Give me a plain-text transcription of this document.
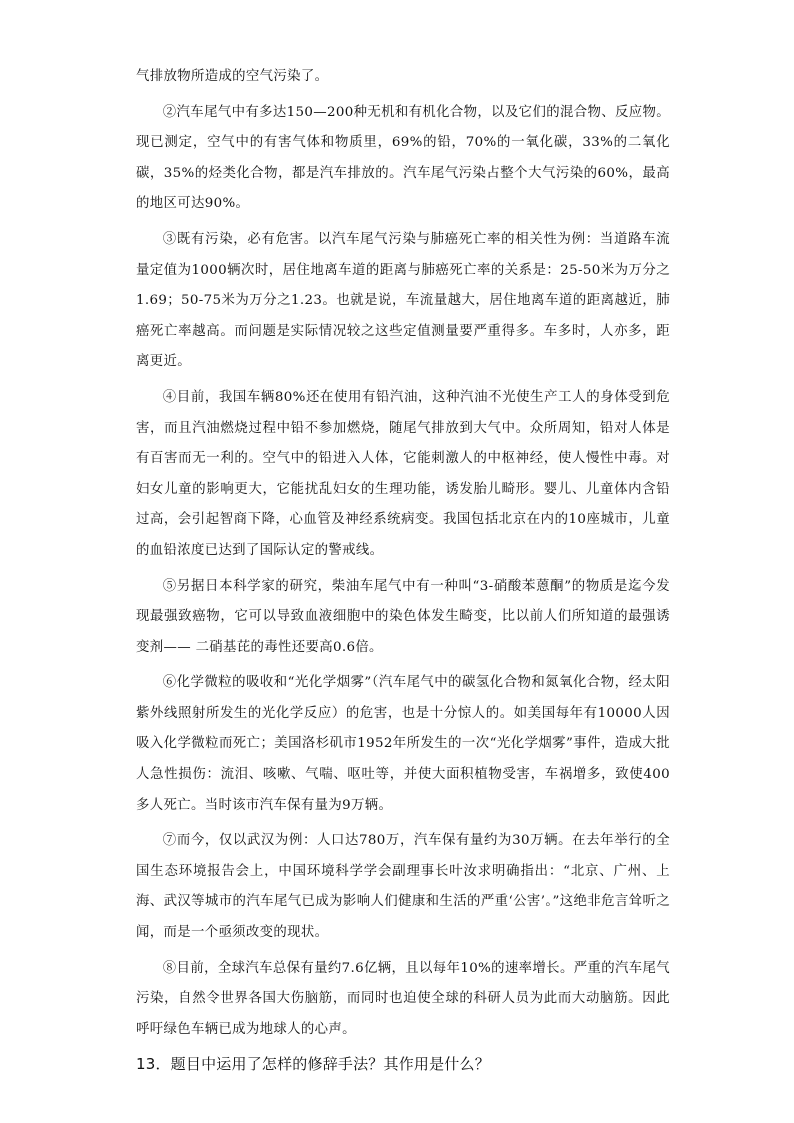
气排放物所造成的空气污染了。

②汽车尾气中有多达150—200种无机和有机化合物，以及它们的混合物、反应物。现已测定，空气中的有害气体和物质里，69%的铅，70%的一氧化碳，33%的二氧化碳，35%的烃类化合物，都是汽车排放的。汽车尾气污染占整个大气污染的60%，最高的地区可达90%。

③既有污染，必有危害。以汽车尾气污染与肺癌死亡率的相关性为例：当道路车流量定值为1000辆次时，居住地离车道的距离与肺癌死亡率的关系是：25-50米为万分之1.69；50-75米为万分之1.23。也就是说，车流量越大，居住地离车道的距离越近，肺癌死亡率越高。而问题是实际情况较之这些定值测量要严重得多。车多时，人亦多，距离更近。

④目前，我国车辆80%还在使用有铅汽油，这种汽油不光使生产工人的身体受到危害，而且汽油燃烧过程中铅不参加燃烧，随尾气排放到大气中。众所周知，铅对人体是有百害而无一利的。空气中的铅进入人体，它能刺激人的中枢神经，使人慢性中毒。对妇女儿童的影响更大，它能扰乱妇女的生理功能，诱发胎儿畸形。婴儿、儿童体内含铅过高，会引起智商下降，心血管及神经系统病变。我国包括北京在内的10座城市，儿童的血铅浓度已达到了国际认定的警戒线。

⑤另据日本科学家的研究，柴油车尾气中有一种叫“3-硝酸苯蒽酮”的物质是迄今发现最强致癌物，它可以导致血液细胞中的染色体发生畸变，比以前人们所知道的最强诱变剂—— 二硝基芘的毒性还要高0.6倍。

⑥化学微粒的吸收和“光化学烟雾”（汽车尾气中的碳氢化合物和氮氧化合物，经太阳紫外线照射所发生的光化学反应）的危害，也是十分惊人的。如美国每年有10000人因吸入化学微粒而死亡；美国洛杉矶市1952年所发生的一次“光化学烟雾”事件，造成大批人急性损伤：流泪、咳嗽、气喘、呕吐等，并使大面积植物受害，车祸增多，致使400多人死亡。当时该市汽车保有量为9万辆。

⑦而今，仅以武汉为例：人口达780万，汽车保有量约为30万辆。在去年举行的全国生态环境报告会上，中国环境科学学会副理事长叶汝求明确指出：“北京、广州、上海、武汉等城市的汽车尾气已成为影响人们健康和生活的严重‘公害’。”这绝非危言耸听之闻，而是一个亟须改变的现状。

⑧目前，全球汽车总保有量约7.6亿辆，且以每年10%的速率增长。严重的汽车尾气污染，自然令世界各国大伤脑筋，而同时也迫使全球的科研人员为此而大动脑筋。因此呼吁绿色车辆已成为地球人的心声。

13．题目中运用了怎样的修辞手法？其作用是什么？
